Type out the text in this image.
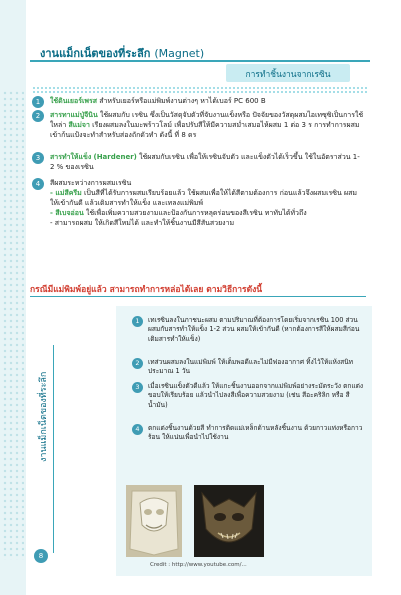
งานแม็กเน็ตของที่ระลึก (Magnet)
การทำชิ้นงานจากเรซิน
1	ใช้ดินเยอร์เพรส สำหรับเยอร์หรือแม่พิมพ์งานต่างๆ หาได้เบอร์ PC 600 B
2	สารทาแม่ปู่จีนิน ใช้ผสมกับ เรซิน ซึ่งเป็นวัสดุจับตัวที่จับงานแข็งหรือ ปัจจัยของวัสดุผสมไอเทซุซิเป็นการใช้ใหล่า สีแม่จา เรียงผสมลงในมะพร้าวโลม์ เพื่อปรับสีให้มีความสม่ำเสมอไห้ผสม 1 ต่อ 3 ร การทำการผสมเข้าก้นแป้งจะทำสำหรับส่องถักดัวทำ ดังนี้ ที่ 8 ดร
3	สารทำให้แข็ง (Hardener) ใช้ผสมกับเรซิน เพื่อให้เรซินจับตัว และแข็งตัวได้เร็วขึ้น ใช้ในอัตราส่วน 1-2 % ของเรซิน
4	สีผสมระหว่างการผสมเรซิน
- แม่สีครีม เป็นสีที่ได้รับการผสมเรียบร้อยแล้ว ใช้ผสมเพื่อให้ได้สีตามต้องการ ก่อนแล้วจึงผสมเรซิน ผสมให้เข้ากันดี แล้วเติมสารทำให้แข็ง และเทลงแม่พิมพ์
- สีเบจอ่อน ใช้เพื่อเพิ่มความสวยงามและป้องกันการหลุดร่อนของสีเรซิน ทาทับได้ทั่วถึง
- สามารถผสม ให้เกิดสีใหม่ได้ และทำให้ชิ้นงานมีสีสันสวยงาม
กรณีมีแม่พิมพ์อยู่แล้ว สามารถทำการหล่อได้เลย ตามวิธีการดังนี้
1	เทเรซินลงในภาชนะผสม ตามปริมาณที่ต้องการโดยเริ่มจากเรซิน 100 ส่วน ผสมกับสารทำให้แข็ง 1-2 ส่วน ผสมให้เข้ากันดี (หากต้องการสีให้ผสมสีก่อนเติมสารทำให้แข็ง)
2	เทส่วนผสมลงในแม่พิมพ์ ให้เต็มพอดีและไม่มีฟองอากาศ ทิ้งไว้ให้แห้งสนิทประมาณ 1 วัน
3	เมื่อเรซินแข็งตัวดีแล้ว ให้แกะชิ้นงานออกจากแม่พิมพ์อย่างระมัดระวัง ตกแต่งขอบให้เรียบร้อย แล้วนำไปลงสีเพื่อความสวยงาม (เช่น สีอะคริลิก หรือ สีน้ำมัน)
4	ตกแต่งชิ้นงานด้วยสี ทำการติดแม่เหล็กด้านหลังชิ้นงาน ด้วยกาวแท่งหรือกาวร้อน ให้แน่นเพื่อนำไปใช้งาน
Credit : http://www.youtube.com/...
งานแม็กเน็ตของที่ระลึก
8
